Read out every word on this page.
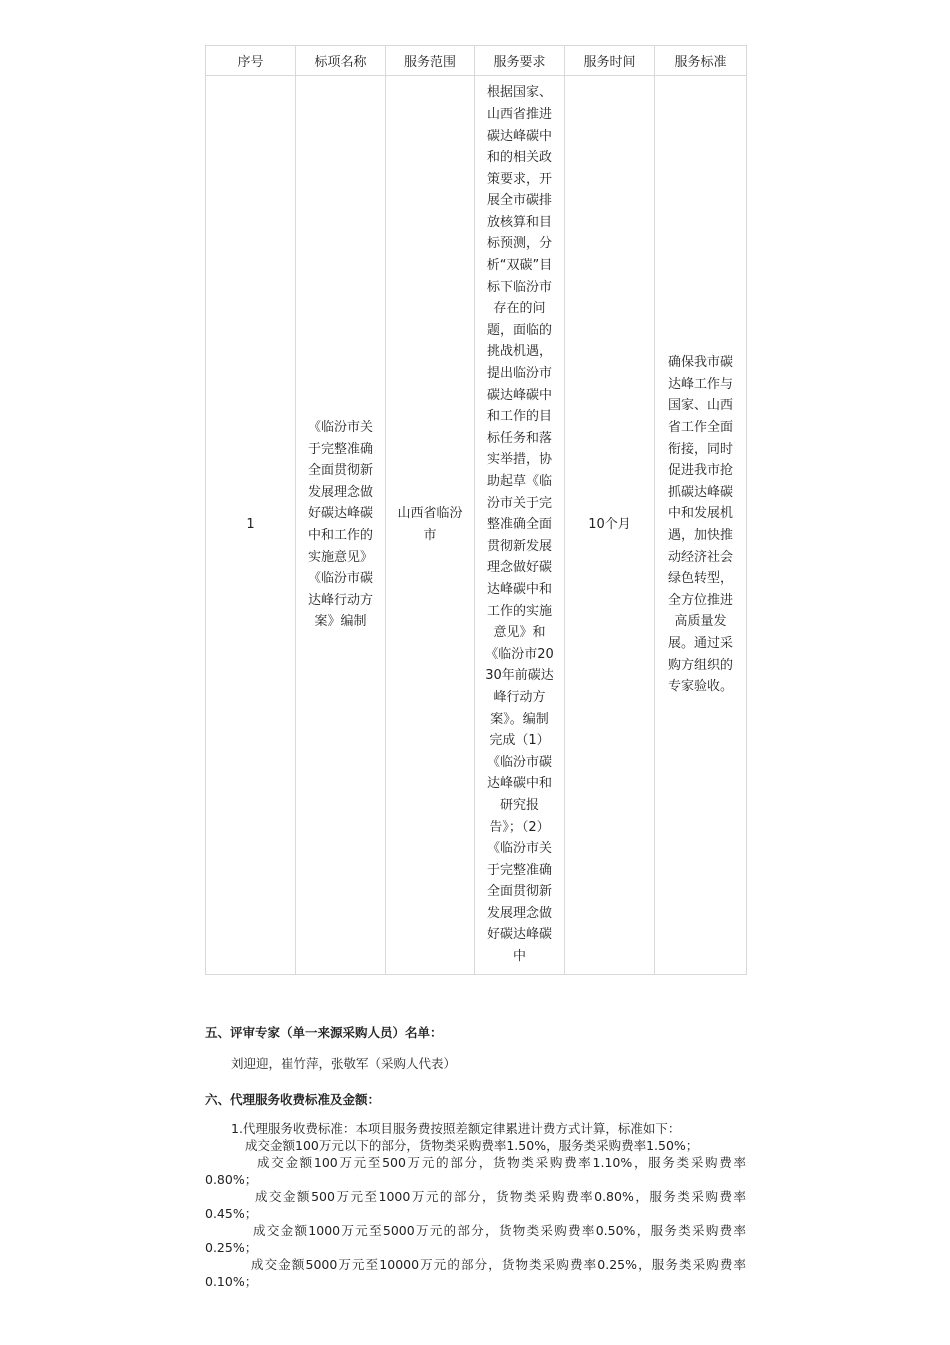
序号	标项名称	服务范围	服务要求	服务时间	服务标准
1	《临汾市关于完整准确全面贯彻新发展理念做好碳达峰碳中和工作的实施意见》《临汾市碳达峰行动方案》编制	山西省临汾市	根据国家、山西省推进碳达峰碳中和的相关政策要求，开展全市碳排放核算和目标预测，分析“双碳”目标下临汾市存在的问题，面临的挑战机遇，提出临汾市碳达峰碳中和工作的目标任务和落实举措，协助起草《临汾市关于完整准确全面贯彻新发展理念做好碳达峰碳中和工作的实施意见》和《临汾市2030年前碳达峰行动方案》。编制完成（1）《临汾市碳达峰碳中和研究报告》；（2）《临汾市关于完整准确全面贯彻新发展理念做好碳达峰碳中	10个月	确保我市碳达峰工作与国家、山西省工作全面衔接，同时促进我市抢抓碳达峰碳中和发展机遇，加快推动经济社会绿色转型，全方位推进高质量发展。通过采购方组织的专家验收。

五、评审专家（单一来源采购人员）名单：

刘迎迎，崔竹萍，张敬军（采购人代表）

六、代理服务收费标准及金额：

1.代理服务收费标准：本项目服务费按照差额定律累进计费方式计算，标准如下：

成交金额100万元以下的部分，货物类采购费率1.50%，服务类采购费率1.50%；

成交金额100万元至500万元的部分，货物类采购费率1.10%，服务类采购费率0.80%；

成交金额500万元至1000万元的部分，货物类采购费率0.80%，服务类采购费率0.45%；

成交金额1000万元至5000万元的部分，货物类采购费率0.50%，服务类采购费率0.25%；

成交金额5000万元至10000万元的部分，货物类采购费率0.25%，服务类采购费率0.10%；
